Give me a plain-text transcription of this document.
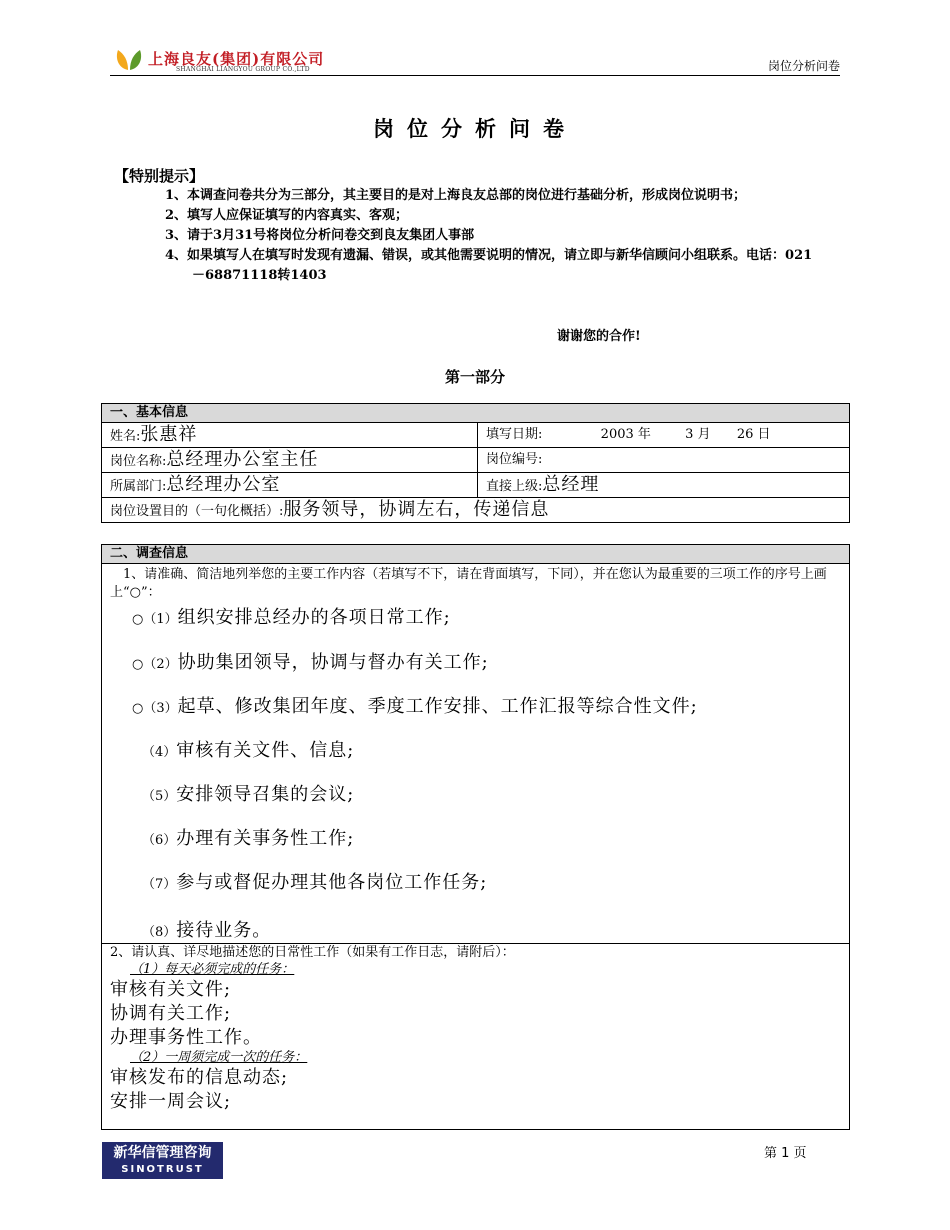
上海良友(集团)有限公司
SHANGHAI LIANGYOU GROUP CO.,LTD	岗位分析问卷
岗位分析问卷
【特别提示】
1、本调查问卷共分为三部分，其主要目的是对上海良友总部的岗位进行基础分析，形成岗位说明书；
2、填写人应保证填写的内容真实、客观；
3、请于3月31号将岗位分析问卷交到良友集团人事部
4、如果填写人在填写时发现有遗漏、错误，或其他需要说明的情况，请立即与新华信顾问小组联系。电话：021－68871118转1403
谢谢您的合作!
第一部分
一、基本信息
姓名:张惠祥	填写日期:	2003 年	3 月 26 日
岗位名称:总经理办公室主任	岗位编号:
所属部门:总经理办公室	直接上级:总经理
岗位设置目的（一句化概括）:服务领导，协调左右，传递信息
二、调查信息
1、请准确、简洁地列举您的主要工作内容（若填写不下，请在背面填写，下同），并在您认为最重要的三项工作的序号上画上“○”：
○（1）组织安排总经办的各项日常工作;
○（2）协助集团领导，协调与督办有关工作;
○（3）起草、修改集团年度、季度工作安排、工作汇报等综合性文件;
（4）审核有关文件、信息;
（5）安排领导召集的会议;
（6）办理有关事务性工作;
（7）参与或督促办理其他各岗位工作任务;
（8）接待业务。
2、请认真、详尽地描述您的日常性工作（如果有工作日志，请附后）：
（1）每天必须完成的任务：
审核有关文件;
协调有关工作;
办理事务性工作。
（2）一周须完成一次的任务：
审核发布的信息动态;
安排一周会议;
新华信管理咨询
SINOTRUST
第 1 页
